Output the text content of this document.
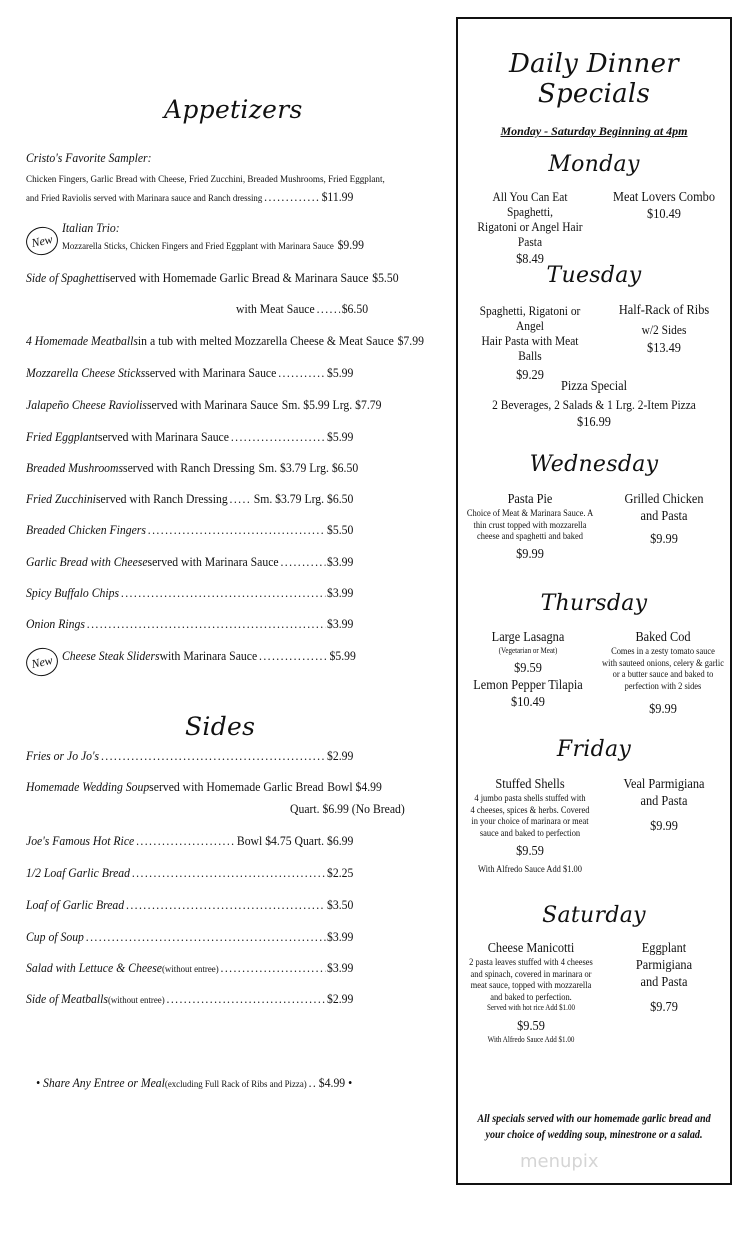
Appetizers
Cristo's Favorite Sampler:
Chicken Fingers, Garlic Bread with Cheese, Fried Zucchini, Breaded Mushrooms, Fried Eggplant,
and Fried Raviolis served with Marinara sauce and Ranch dressing .....	$11.99
New
Italian Trio:
Mozzarella Sticks, Chicken Fingers and Fried Eggplant with Marinara Sauce $9.99
Side of Spaghetti served with Homemade Garlic Bread & Marinara Sauce $5.50
with Meat Sauce ..... $6.50
4 Homemade Meatballs in a tub with melted Mozzarella Cheese & Meat Sauce $7.99
Mozzarella Cheese Sticks served with Marinara Sauce .....	$5.99
Jalapeño Cheese Raviolis served with Marinara Sauce Sm. $5.99 Lrg. $7.79
Fried Eggplant served with Marinara Sauce .....	$5.99
Breaded Mushrooms served with Ranch Dressing Sm. $3.79 Lrg. $6.50
Fried Zucchini served with Ranch Dressing ..... Sm. $3.79 Lrg. $6.50
Breaded Chicken Fingers .....	$5.50
Garlic Bread with Cheese served with Marinara Sauce .....	$3.99
Spicy Buffalo Chips .....	$3.99
Onion Rings .....	$3.99
New Cheese Steak Sliders with Marinara Sauce .....	$5.99
Sides
Fries or Jo Jo's .....	$2.99
Homemade Wedding Soup served with Homemade Garlic Bread Bowl $4.99
Quart. $6.99 (No Bread)
Joe's Famous Hot Rice .....	Bowl $4.75 Quart. $6.99
1/2 Loaf Garlic Bread .....	$2.25
Loaf of Garlic Bread .....	$3.50
Cup of Soup .....	$3.99
Salad with Lettuce & Cheese (without entree) .....	$3.99
Side of Meatballs (without entree) .....	$2.99
• Share Any Entree or Meal (excluding Full Rack of Ribs and Pizza) ..... $4.99 •
Daily Dinner Specials
Monday - Saturday Beginning at 4pm
Monday
All You Can Eat Spaghetti,
Rigatoni or Angel Hair Pasta
$8.49
Meat Lovers Combo
$10.49
Tuesday
Spaghetti, Rigatoni or Angel
Hair Pasta with Meat Balls
$9.29
Half-Rack of Ribs
w/2 Sides
$13.49
Pizza Special
2 Beverages, 2 Salads & 1 Lrg. 2-Item Pizza
$16.99
Wednesday
Pasta Pie
Choice of Meat & Marinara Sauce. A
thin crust topped with mozzarella
cheese and spaghetti and baked
$9.99
Grilled Chicken
and Pasta
$9.99
Thursday
Large Lasagna
(Vegetarian or Meat)
$9.59
Lemon Pepper Tilapia
$10.49
Baked Cod
Comes in a zesty tomato sauce
with sauteed onions, celery & garlic
or a butter sauce and baked to
perfection with 2 sides
$9.99
Friday
Stuffed Shells
4 jumbo pasta shells stuffed with
4 cheeses, spices & herbs. Covered
in your choice of marinara or meat
sauce and baked to perfection
$9.59
With Alfredo Sauce Add $1.00
Veal Parmigiana
and Pasta
$9.99
Saturday
Cheese Manicotti
2 pasta leaves stuffed with 4 cheeses
and spinach, covered in marinara or
meat sauce, topped with mozzarella
and baked to perfection.
Served with hot rice Add $1.00
$9.59
With Alfredo Sauce Add $1.00
Eggplant
Parmigiana
and Pasta
$9.79
All specials served with our homemade garlic bread and
your choice of wedding soup, minestrone or a salad.
menupix
